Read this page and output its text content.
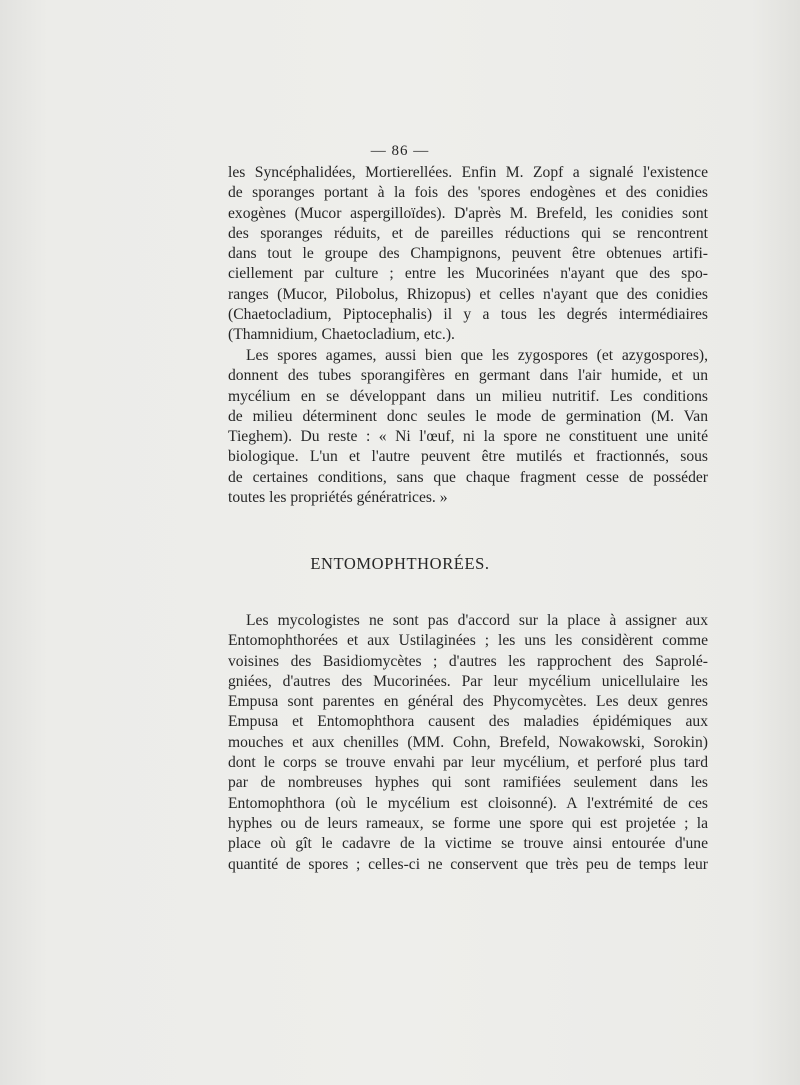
— 86 —
les Syncéphalidées, Mortierellées. Enfin M. Zopf a signalé l'existence
de sporanges portant à la fois des 'spores endogènes et des conidies
exogènes (Mucor aspergilloïdes). D'après M. Brefeld, les conidies sont
des sporanges réduits, et de pareilles réductions qui se rencontrent
dans tout le groupe des Champignons, peuvent être obtenues artifi-
ciellement par culture ; entre les Mucorinées n'ayant que des spo-
ranges (Mucor, Pilobolus, Rhizopus) et celles n'ayant que des conidies
(Chaetocladium, Piptocephalis) il y a tous les degrés intermédiaires
(Thamnidium, Chaetocladium, etc.).
Les spores agames, aussi bien que les zygospores (et azygospores),
donnent des tubes sporangifères en germant dans l'air humide, et un
mycélium en se développant dans un milieu nutritif. Les conditions
de milieu déterminent donc seules le mode de germination (M. Van
Tieghem). Du reste : « Ni l'œuf, ni la spore ne constituent une unité
biologique. L'un et l'autre peuvent être mutilés et fractionnés, sous
de certaines conditions, sans que chaque fragment cesse de posséder
toutes les propriétés génératrices. »
ENTOMOPHTHORÉES.
Les mycologistes ne sont pas d'accord sur la place à assigner aux
Entomophthorées et aux Ustilaginées ; les uns les considèrent comme
voisines des Basidiomycètes ; d'autres les rapprochent des Saprolé-
gniées, d'autres des Mucorinées. Par leur mycélium unicellulaire les
Empusa sont parentes en général des Phycomycètes. Les deux genres
Empusa et Entomophthora causent des maladies épidémiques aux
mouches et aux chenilles (MM. Cohn, Brefeld, Nowakowski, Sorokin)
dont le corps se trouve envahi par leur mycélium, et perforé plus tard
par de nombreuses hyphes qui sont ramifiées seulement dans les
Entomophthora (où le mycélium est cloisonné). A l'extrémité de ces
hyphes ou de leurs rameaux, se forme une spore qui est projetée ; la
place où gît le cadavre de la victime se trouve ainsi entourée d'une
quantité de spores ; celles-ci ne conservent que très peu de temps leur
